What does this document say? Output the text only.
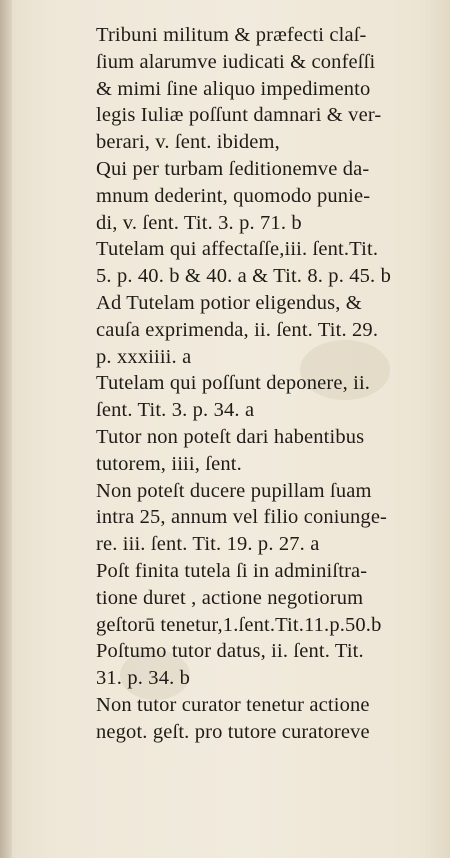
Tribuni militum & præfecti claſ-
ſium alarumve iudicati & confeſſi
& mimi ſine aliquo impedimento
legis Iuliæ poſſunt damnari & ver-
berari, v. ſent. ibidem,
Qui per turbam ſeditionemve da-
mnum dederint, quomodo punie-
di, v. ſent. Tit. 3. p. 71. b
Tutelam qui affectaſſe,iii. ſent.Tit.
5. p. 40. b & 40. a & Tit. 8. p. 45. b
Ad Tutelam potior eligendus, &
cauſa exprimenda, ii. ſent. Tit. 29.
p. xxxiiii. a
Tutelam qui poſſunt deponere, ii.
ſent. Tit. 3. p. 34. a
Tutor non poteſt dari habentibus
tutorem, iiii, ſent.
Non poteſt ducere pupillam ſuam
intra 25, annum vel filio coniunge-
re. iii. ſent. Tit. 19. p. 27. a
Poſt finita tutela ſi in adminiſtra-
tione duret , actione negotiorum
geſtorū tenetur,1.ſent.Tit.11.p.50.b
Poſtumo tutor datus, ii. ſent. Tit.
31. p. 34. b
Non tutor curator tenetur actione
negot. geſt. pro tutore curatoreve
